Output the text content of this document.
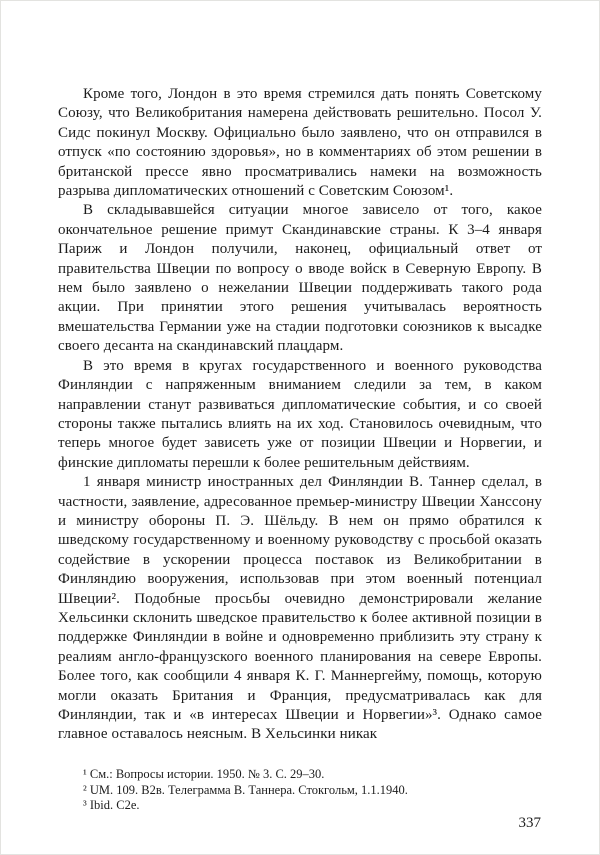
Кроме того, Лондон в это время стремился дать понять Советскому Союзу, что Великобритания намерена действовать решительно. Посол У. Сидс покинул Москву. Официально было заявлено, что он отправился в отпуск «по состоянию здоровья», но в комментариях об этом решении в британской прессе явно просматривались намеки на возможность разрыва дипломатических отношений с Советским Союзом¹.

В складывавшейся ситуации многое зависело от того, какое окончательное решение примут Скандинавские страны. К 3–4 января Париж и Лондон получили, наконец, официальный ответ от правительства Швеции по вопросу о вводе войск в Северную Европу. В нем было заявлено о нежелании Швеции поддерживать такого рода акции. При принятии этого решения учитывалась вероятность вмешательства Германии уже на стадии подготовки союзников к высадке своего десанта на скандинавский плацдарм.

В это время в кругах государственного и военного руководства Финляндии с напряженным вниманием следили за тем, в каком направлении станут развиваться дипломатические события, и со своей стороны также пытались влиять на их ход. Становилось очевидным, что теперь многое будет зависеть уже от позиции Швеции и Норвегии, и финские дипломаты перешли к более решительным действиям.

1 января министр иностранных дел Финляндии В. Таннер сделал, в частности, заявление, адресованное премьер-министру Швеции Ханссону и министру обороны П. Э. Шёльду. В нем он прямо обратился к шведскому государственному и военному руководству с просьбой оказать содействие в ускорении процесса поставок из Великобритании в Финляндию вооружения, использовав при этом военный потенциал Швеции². Подобные просьбы очевидно демонстрировали желание Хельсинки склонить шведское правительство к более активной позиции в поддержке Финляндии в войне и одновременно приблизить эту страну к реалиям англо-французского военного планирования на севере Европы. Более того, как сообщили 4 января К. Г. Маннергейму, помощь, которую могли оказать Британия и Франция, предусматривалась как для Финляндии, так и «в интересах Швеции и Норвегии»³. Однако самое главное оставалось неясным. В Хельсинки никак

¹ См.: Вопросы истории. 1950. № 3. С. 29–30.

² UM. 109. В2в. Телеграмма В. Таннера. Стокгольм, 1.1.1940.

³ Ibid. С2е.

337
